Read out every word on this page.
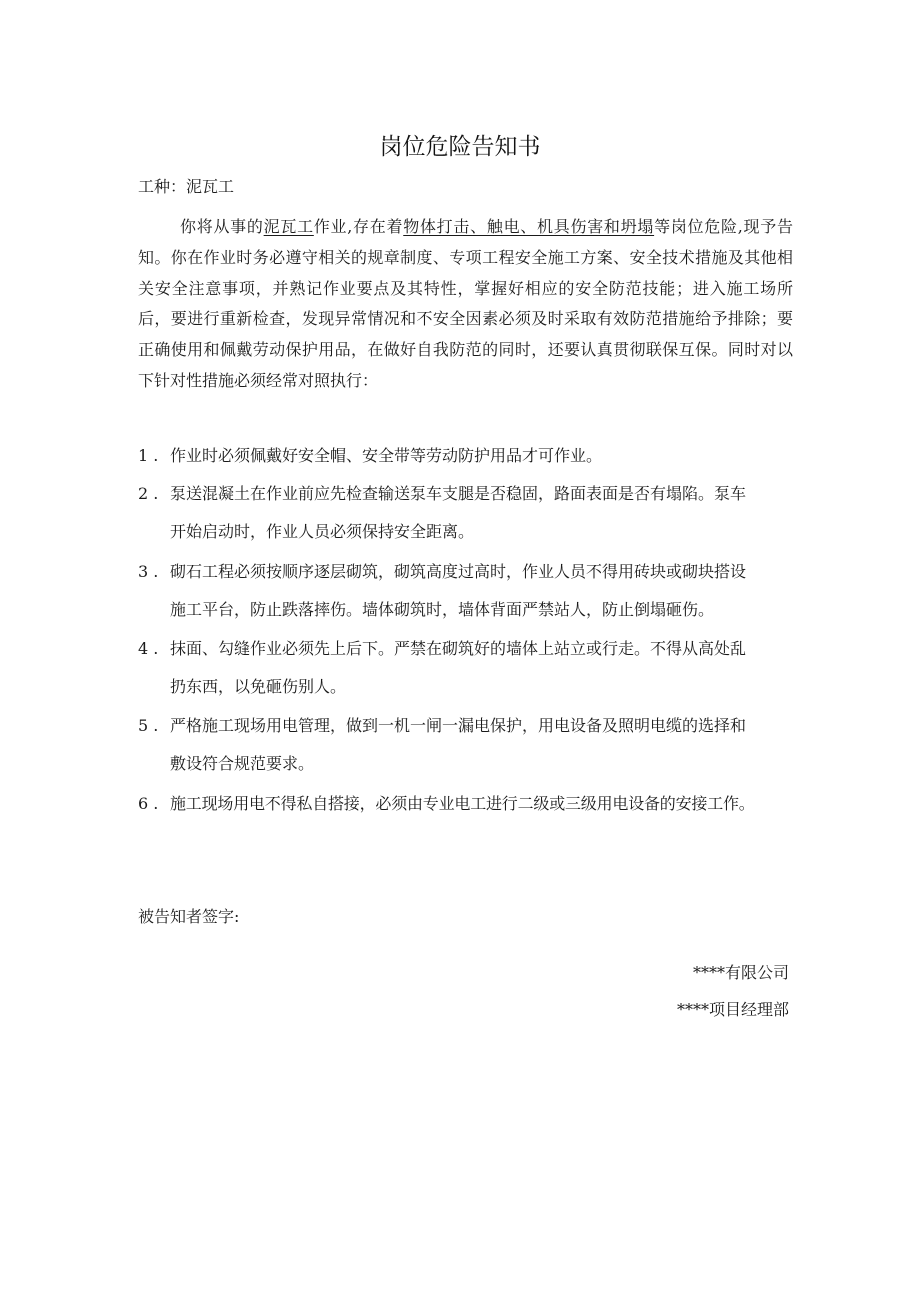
岗位危险告知书
工种：泥瓦工
你将从事的泥瓦工作业,存在着物体打击、触电、机具伤害和坍塌等岗位危险,现予告知。你在作业时务必遵守相关的规章制度、专项工程安全施工方案、安全技术措施及其他相关安全注意事项，并熟记作业要点及其特性，掌握好相应的安全防范技能；进入施工场所后，要进行重新检查，发现异常情况和不安全因素必须及时采取有效防范措施给予排除；要正确使用和佩戴劳动保护用品，在做好自我防范的同时，还要认真贯彻联保互保。同时对以下针对性措施必须经常对照执行：
1 . 作业时必须佩戴好安全帽、安全带等劳动防护用品才可作业。
2 . 泵送混凝土在作业前应先检查输送泵车支腿是否稳固，路面表面是否有塌陷。泵车
开始启动时，作业人员必须保持安全距离。
3 . 砌石工程必须按顺序逐层砌筑，砌筑高度过高时，作业人员不得用砖块或砌块搭设
施工平台，防止跌落摔伤。墙体砌筑时，墙体背面严禁站人，防止倒塌砸伤。
4 . 抹面、勾缝作业必须先上后下。严禁在砌筑好的墙体上站立或行走。不得从高处乱
扔东西，以免砸伤别人。
5 . 严格施工现场用电管理，做到一机一闸一漏电保护，用电设备及照明电缆的选择和
敷设符合规范要求。
6 . 施工现场用电不得私自搭接，必须由专业电工进行二级或三级用电设备的安接工作。
被告知者签字:
****有限公司
****项目经理部
